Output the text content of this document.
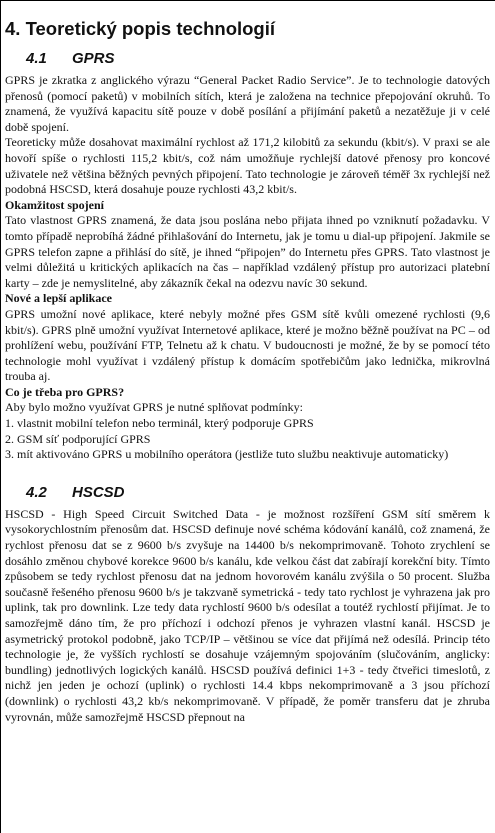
4. Teoretický popis technologií
4.1 GPRS

GPRS je zkratka z anglického výrazu “General Packet Radio Service”. Je to technologie datových přenosů (pomocí paketů) v mobilních sítích, která je založena na technice přepojování okruhů. To znamená, že využívá kapacitu sítě pouze v době posílání a přijímání paketů a nezatěžuje ji v celé době spojení.

Teoreticky může dosahovat maximální rychlost až 171,2 kilobitů za sekundu (kbit/s). V praxi se ale hovoří spíše o rychlosti 115,2 kbit/s, což nám umožňuje rychlejší datové přenosy pro koncové uživatele než většina běžných pevných připojení. Tato technologie je zároveň téměř 3x rychlejší než podobná HSCSD, která dosahuje pouze rychlosti 43,2 kbit/s.

Okamžitost spojení

Tato vlastnost GPRS znamená, že data jsou poslána nebo přijata ihned po vzniknutí požadavku. V tomto případě neprobíhá žádné přihlašování do Internetu, jak je tomu u dial-up připojení. Jakmile se GPRS telefon zapne a přihlásí do sítě, je ihned “připojen” do Internetu přes GPRS. Tato vlastnost je velmi důležitá u kritických aplikacích na čas – například vzdálený přístup pro autorizaci platební karty – zde je nemyslitelné, aby zákazník čekal na odezvu navíc 30 sekund.

Nové a lepší aplikace

GPRS umožní nové aplikace, které nebyly možné přes GSM sítě kvůli omezené rychlosti (9,6 kbit/s). GPRS plně umožní využívat Internetové aplikace, které je možno běžně používat na PC – od prohlížení webu, používání FTP, Telnetu až k chatu. V budoucnosti je možné, že by se pomocí této technologie mohl využívat i vzdálený přístup k domácím spotřebičům jako lednička, mikrovlná trouba aj.

Co je třeba pro GPRS?

Aby bylo možno využívat GPRS je nutné splňovat podmínky:

1. vlastnit mobilní telefon nebo terminál, který podporuje GPRS

2. GSM síť podporující GPRS

3. mít aktivováno GPRS u mobilního operátora (jestliže tuto službu neaktivuje automaticky)

4.2 HSCSD

HSCSD - High Speed Circuit Switched Data - je možnost rozšíření GSM sítí směrem k vysokorychlostním přenosům dat. HSCSD definuje nové schéma kódování kanálů, což znamená, že rychlost přenosu dat se z 9600 b/s zvyšuje na 14400 b/s nekomprimovaně. Tohoto zrychlení se dosáhlo změnou chybové korekce 9600 b/s kanálu, kde velkou část dat zabírají korekční bity. Tímto způsobem se tedy rychlost přenosu dat na jednom hovorovém kanálu zvýšila o 50 procent. Služba současně řešeného přenosu 9600 b/s je takzvaně symetrická - tedy tato rychlost je vyhrazena jak pro uplink, tak pro downlink. Lze tedy data rychlostí 9600 b/s odesílat a toutéž rychlostí přijímat. Je to samozřejmě dáno tím, že pro příchozí i odchozí přenos je vyhrazen vlastní kanál. HSCSD je asymetrický protokol podobně, jako TCP/IP – většinou se více dat přijímá než odesílá. Princip této technologie je, že vyšších rychlostí se dosahuje vzájemným spojováním (slučováním, anglicky: bundling) jednotlivých logických kanálů. HSCSD používá definici 1+3 - tedy čtveřici timeslotů, z nichž jen jeden je ochozí (uplink) o rychlosti 14.4 kbps nekomprimovaně a 3 jsou příchozí (downlink) o rychlosti 43,2 kb/s nekomprimovaně. V případě, že poměr transferu dat je zhruba vyrovnán, může samozřejmě HSCSD přepnout na
